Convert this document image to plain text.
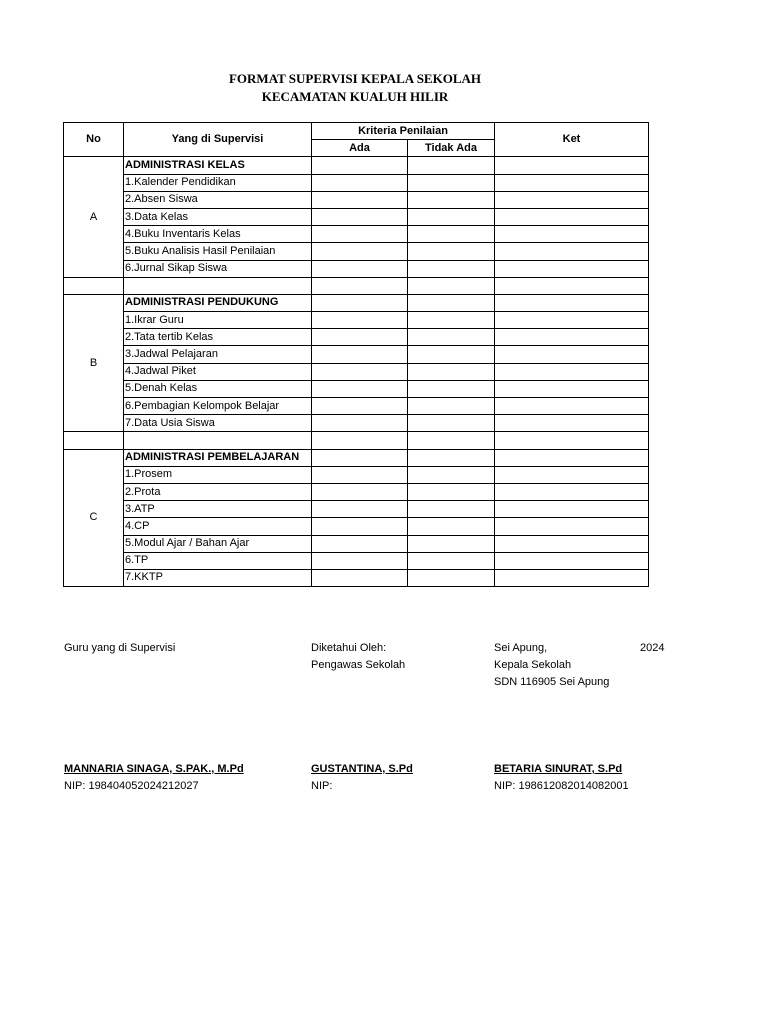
FORMAT SUPERVISI KEPALA SEKOLAH
KECAMATAN KUALUH HILIR
No	Yang di Supervisi	Kriteria Penilaian		Ket
		Ada	Tidak Ada	
A	ADMINISTRASI KELAS			
	1.Kalender Pendidikan			
	2.Absen Siswa			
	3.Data Kelas			
	4.Buku Inventaris Kelas			
	5.Buku Analisis Hasil Penilaian			
	6.Jurnal Sikap Siswa			

B	ADMINISTRASI PENDUKUNG			
	1.Ikrar Guru			
	2.Tata tertib Kelas			
	3.Jadwal Pelajaran			
	4.Jadwal Piket			
	5.Denah Kelas			
	6.Pembagian Kelompok Belajar			
	7.Data Usia Siswa			

C	ADMINISTRASI PEMBELAJARAN			
	1.Prosem			
	2.Prota			
	3.ATP			
	4.CP			
	5.Modul Ajar / Bahan Ajar			
	6.TP			
	7.KKTP			
Guru yang di Supervisi
MANNARIA SINAGA, S.PAK., M.Pd
NIP: 198404052024212027
Diketahui Oleh:
Pengawas Sekolah
GUSTANTINA, S.Pd
NIP:
Sei Apung,
Kepala Sekolah
SDN 116905 Sei Apung
2024
BETARIA SINURAT, S.Pd
NIP: 198612082014082001
